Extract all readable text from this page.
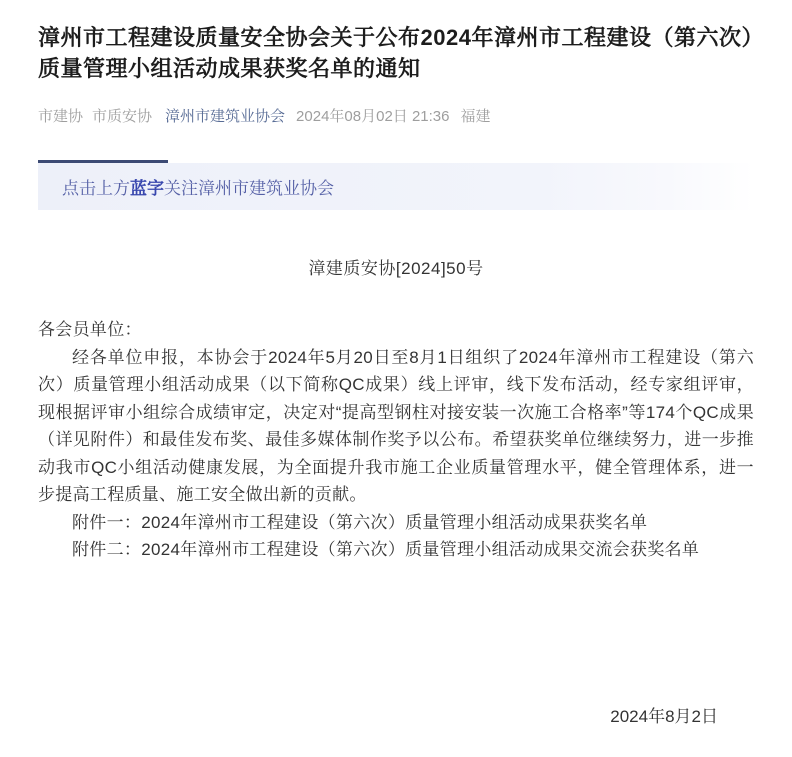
漳州市工程建设质量安全协会关于公布2024年漳州市工程建设（第六次）质量管理小组活动成果获奖名单的通知
市建协 市质安协 漳州市建筑业协会 2024年08月02日 21:36 福建
点击上方 蓝字 关注漳州市建筑业协会
漳建质安协[2024]50号

各会员单位：

经各单位申报，本协会于2024年5月20日至8月1日组织了2024年漳州市工程建设（第六次）质量管理小组活动成果（以下简称QC成果）线上评审，线下发布活动，经专家组评审，现根据评审小组综合成绩审定，决定对“提高型钢柱对接安装一次施工合格率”等174个QC成果（详见附件）和最佳发布奖、最佳多媒体制作奖予以公布。希望获奖单位继续努力，进一步推动我市QC小组活动健康发展，为全面提升我市施工企业质量管理水平，健全管理体系，进一步提高工程质量、施工安全做出新的贡献。

附件一：2024年漳州市工程建设（第六次）质量管理小组活动成果获奖名单

附件二：2024年漳州市工程建设（第六次）质量管理小组活动成果交流会获奖名单

2024年8月2日
